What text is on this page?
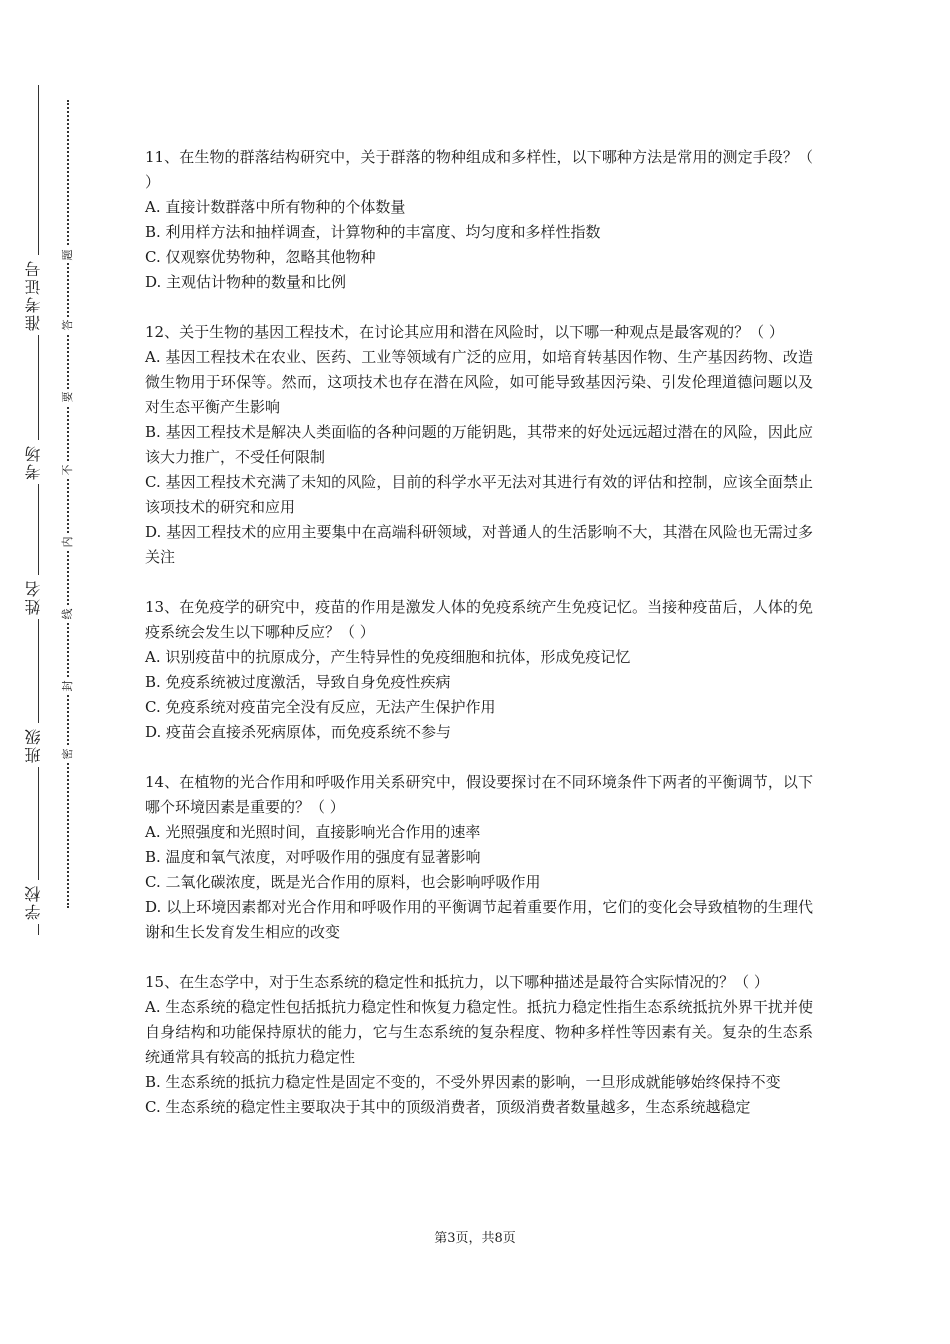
准考证号
考场
姓名
班级
学校
题
答
要
不
内
线
封
密

11、在生物的群落结构研究中，关于群落的物种组成和多样性，以下哪种方法是常用的测定手段？（ ）

A. 直接计数群落中所有物种的个体数量

B. 利用样方法和抽样调查，计算物种的丰富度、均匀度和多样性指数

C. 仅观察优势物种，忽略其他物种

D. 主观估计物种的数量和比例

12、关于生物的基因工程技术，在讨论其应用和潜在风险时，以下哪一种观点是最客观的？（ ）

A. 基因工程技术在农业、医药、工业等领域有广泛的应用，如培育转基因作物、生产基因药物、改造微生物用于环保等。然而，这项技术也存在潜在风险，如可能导致基因污染、引发伦理道德问题以及对生态平衡产生影响

B. 基因工程技术是解决人类面临的各种问题的万能钥匙，其带来的好处远远超过潜在的风险，因此应该大力推广，不受任何限制

C. 基因工程技术充满了未知的风险，目前的科学水平无法对其进行有效的评估和控制，应该全面禁止该项技术的研究和应用

D. 基因工程技术的应用主要集中在高端科研领域，对普通人的生活影响不大，其潜在风险也无需过多关注

13、在免疫学的研究中，疫苗的作用是激发人体的免疫系统产生免疫记忆。当接种疫苗后，人体的免疫系统会发生以下哪种反应？（ ）

A. 识别疫苗中的抗原成分，产生特异性的免疫细胞和抗体，形成免疫记忆

B. 免疫系统被过度激活，导致自身免疫性疾病

C. 免疫系统对疫苗完全没有反应，无法产生保护作用

D. 疫苗会直接杀死病原体，而免疫系统不参与

14、在植物的光合作用和呼吸作用关系研究中，假设要探讨在不同环境条件下两者的平衡调节，以下哪个环境因素是重要的？（ ）

A. 光照强度和光照时间，直接影响光合作用的速率

B. 温度和氧气浓度，对呼吸作用的强度有显著影响

C. 二氧化碳浓度，既是光合作用的原料，也会影响呼吸作用

D. 以上环境因素都对光合作用和呼吸作用的平衡调节起着重要作用，它们的变化会导致植物的生理代谢和生长发育发生相应的改变

15、在生态学中，对于生态系统的稳定性和抵抗力，以下哪种描述是最符合实际情况的？（ ）

A. 生态系统的稳定性包括抵抗力稳定性和恢复力稳定性。抵抗力稳定性指生态系统抵抗外界干扰并使自身结构和功能保持原状的能力，它与生态系统的复杂程度、物种多样性等因素有关。复杂的生态系统通常具有较高的抵抗力稳定性

B. 生态系统的抵抗力稳定性是固定不变的，不受外界因素的影响，一旦形成就能够始终保持不变

C. 生态系统的稳定性主要取决于其中的顶级消费者，顶级消费者数量越多，生态系统越稳定

第3页，共8页
